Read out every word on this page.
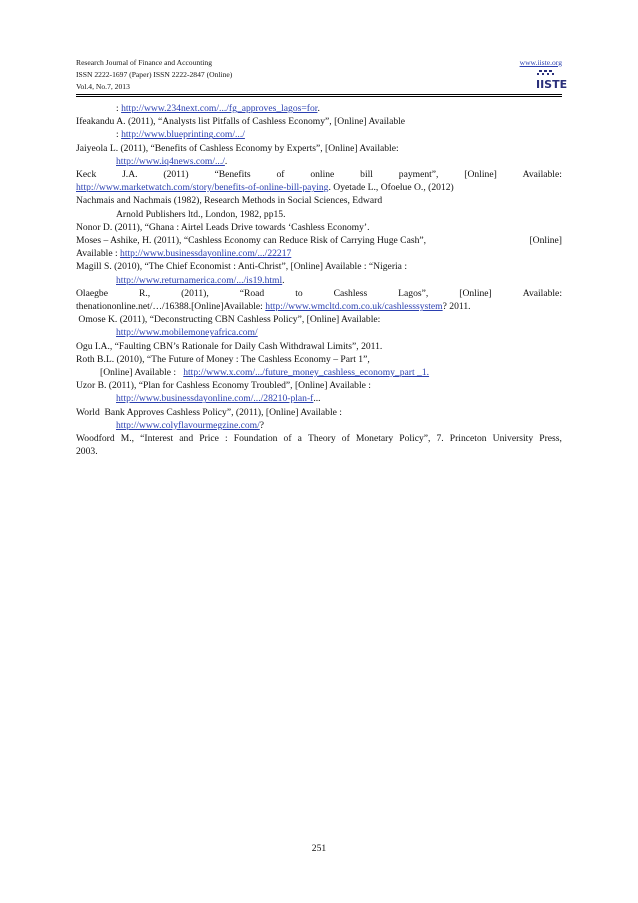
Research Journal of Finance and Accounting
ISSN 2222-1697 (Paper) ISSN 2222-2847 (Online)
Vol.4, No.7, 2013
www.iiste.org
IISTE
: http://www.234next.com/.../fg_approves_lagos=for.
Ifeakandu A. (2011), “Analysts list Pitfalls of Cashless Economy”, [Online] Available
: http://www.blueprinting.com/.../
Jaiyeola L. (2011), “Benefits of Cashless Economy by Experts”, [Online] Available:
http://www.iq4news.com/.../.
Keck	J.A.	(2011)	“Benefits	of	online	bill	payment”,	[Online]	Available:
http://www.marketwatch.com/story/benefits-of-online-bill-paying. Oyetade L., Ofoelue O., (2012)
Nachmais and Nachmais (1982), Research Methods in Social Sciences, Edward
Arnold Publishers ltd., London, 1982, pp15.
Nonor D. (2011), “Ghana : Airtel Leads Drive towards ‘Cashless Economy’.
Moses – Ashike, H. (2011), “Cashless Economy can Reduce Risk of Carrying Huge Cash”,	[Online]
Available : http://www.businessdayonline.com/.../22217
Magill S. (2010), “The Chief Economist : Anti-Christ”, [Online] Available : “Nigeria :
http://www.returnamerica.com/.../is19.html.
Olaegbe	R.,	(2011),	“Road	to	Cashless	Lagos”,	[Online]	Available:
thenationonline.net/…/16388.[Online]Available: http://www.wmcltd.com.co.uk/cashlesssystem? 2011.
Omose K. (2011), “Deconstructing CBN Cashless Policy”, [Online] Available:
http://www.mobilemoneyafrica.com/
Ogu I.A., “Faulting CBN’s Rationale for Daily Cash Withdrawal Limits”, 2011.
Roth B.L. (2010), “The Future of Money : The Cashless Economy – Part 1”,
[Online] Available :   http://www.x.com/.../future_money_cashless_economy_part _1.
Uzor B. (2011), “Plan for Cashless Economy Troubled”, [Online] Available :
http://www.businessdayonline.com/.../28210-plan-f...
World  Bank Approves Cashless Policy”, (2011), [Online] Available :
http://www.colyflavourmegzine.com/?
Woodford M., “Interest and Price : Foundation of a Theory of Monetary Policy”, 7. Princeton University Press,
2003.
251
